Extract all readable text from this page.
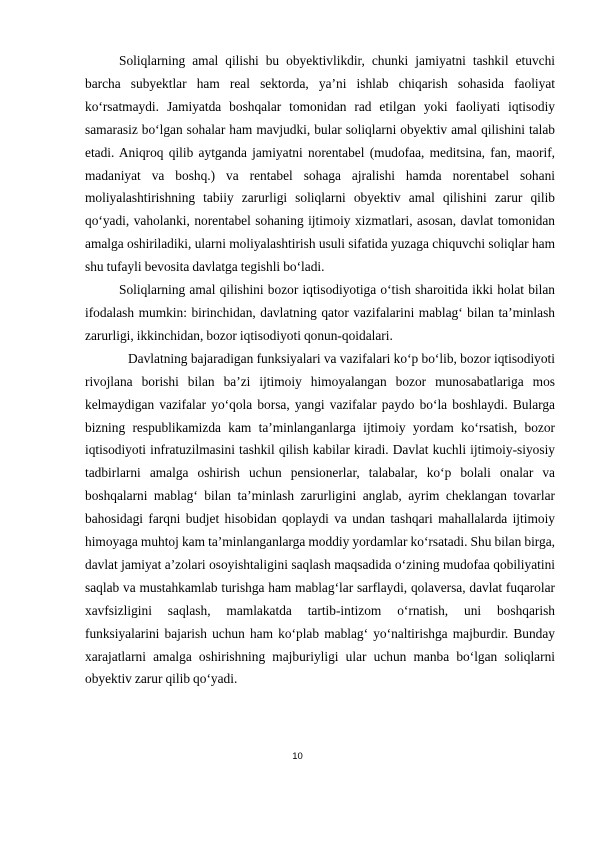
Soliqlarning amal qilishi bu obyektivlikdir, chunki jamiyatni tashkil etuvchi barcha subyektlar ham real sektorda, ya’ni ishlab chiqarish sohasida faoliyat ko‘rsatmaydi. Jamiyatda boshqalar tomonidan rad etilgan yoki faoliyati iqtisodiy samarasiz bo‘lgan sohalar ham mavjudki, bular soliqlarni obyektiv amal qilishini talab etadi. Aniqroq qilib aytganda jamiyatni norentabel (mudofaa, meditsina, fan, maorif, madaniyat va boshq.) va rentabel sohaga ajralishi hamda norentabel sohani moliyalashtirishning tabiiy zarurligi soliqlarni obyektiv amal qilishini zarur qilib qo‘yadi, vaholanki, norentabel sohaning ijtimoiy xizmatlari, asosan, davlat tomonidan amalga oshiriladiki, ularni moliyalashtirish usuli sifatida yuzaga chiquvchi soliqlar ham shu tufayli bevosita davlatga tegishli bo‘ladi.

Soliqlarning amal qilishini bozor iqtisodiyotiga o‘tish sharoitida ikki holat bilan ifodalash mumkin: birinchidan, davlatning qator vazifalarini mablag‘ bilan ta’minlash zarurligi, ikkinchidan, bozor iqtisodiyoti qonun-qoidalari.

Davlatning bajaradigan funksiyalari va vazifalari ko‘p bo‘lib, bozor iqtisodiyoti rivojlana borishi bilan ba’zi ijtimoiy himoyalangan bozor munosabatlariga mos kelmaydigan vazifalar yo‘qola borsa, yangi vazifalar paydo bo‘la boshlaydi. Bularga bizning respublikamizda kam ta’minlanganlarga ijtimoiy yordam ko‘rsatish, bozor iqtisodiyoti infratuzilmasini tashkil qilish kabilar kiradi. Davlat kuchli ijtimoiy-siyosiy tadbirlarni amalga oshirish uchun pensionerlar, talabalar, ko‘p bolali onalar va boshqalarni mablag‘ bilan ta’minlash zarurligini anglab, ayrim cheklangan tovarlar bahosidagi farqni budjet hisobidan qoplaydi va undan tashqari mahallalarda ijtimoiy himoyaga muhtoj kam ta’minlanganlarga moddiy yordamlar ko‘rsatadi. Shu bilan birga, davlat jamiyat a’zolari osoyishtaligini saqlash maqsadida o‘zining mudofaa qobiliyatini saqlab va mustahkamlab turishga ham mablag‘lar sarflaydi, qolaversa, davlat fuqarolar xavfsizligini saqlash, mamlakatda tartib-intizom o‘rnatish, uni boshqarish funksiyalarini bajarish uchun ham ko‘plab mablag‘ yo‘naltirishga majburdir. Bunday xarajatlarni amalga oshirishning majburiyligi ular uchun manba bo‘lgan soliqlarni obyektiv zarur qilib qo‘yadi.

10
